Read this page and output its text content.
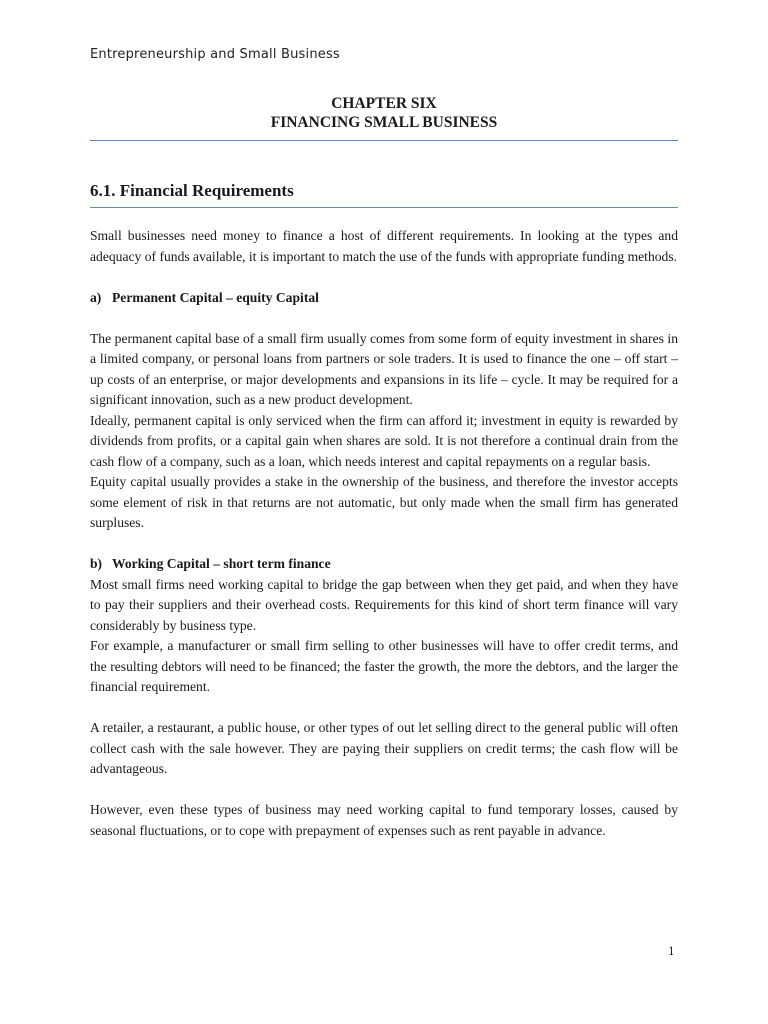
Entrepreneurship and Small Business
CHAPTER SIX
FINANCING SMALL BUSINESS
6.1. Financial Requirements

Small businesses need money to finance a host of different requirements. In looking at the types and adequacy of funds available, it is important to match the use of the funds with appropriate funding methods.

a) Permanent Capital – equity Capital

The permanent capital base of a small firm usually comes from some form of equity investment in shares in a limited company, or personal loans from partners or sole traders. It is used to finance the one – off start – up costs of an enterprise, or major developments and expansions in its life – cycle. It may be required for a significant innovation, such as a new product development.

Ideally, permanent capital is only serviced when the firm can afford it; investment in equity is rewarded by dividends from profits, or a capital gain when shares are sold. It is not therefore a continual drain from the cash flow of a company, such as a loan, which needs interest and capital repayments on a regular basis.

Equity capital usually provides a stake in the ownership of the business, and therefore the investor accepts some element of risk in that returns are not automatic, but only made when the small firm has generated surpluses.

b) Working Capital – short term finance

Most small firms need working capital to bridge the gap between when they get paid, and when they have to pay their suppliers and their overhead costs. Requirements for this kind of short term finance will vary considerably by business type.

For example, a manufacturer or small firm selling to other businesses will have to offer credit terms, and the resulting debtors will need to be financed; the faster the growth, the more the debtors, and the larger the financial requirement.

A retailer, a restaurant, a public house, or other types of out let selling direct to the general public will often collect cash with the sale however. They are paying their suppliers on credit terms; the cash flow will be advantageous.

However, even these types of business may need working capital to fund temporary losses, caused by seasonal fluctuations, or to cope with prepayment of expenses such as rent payable in advance.

1
